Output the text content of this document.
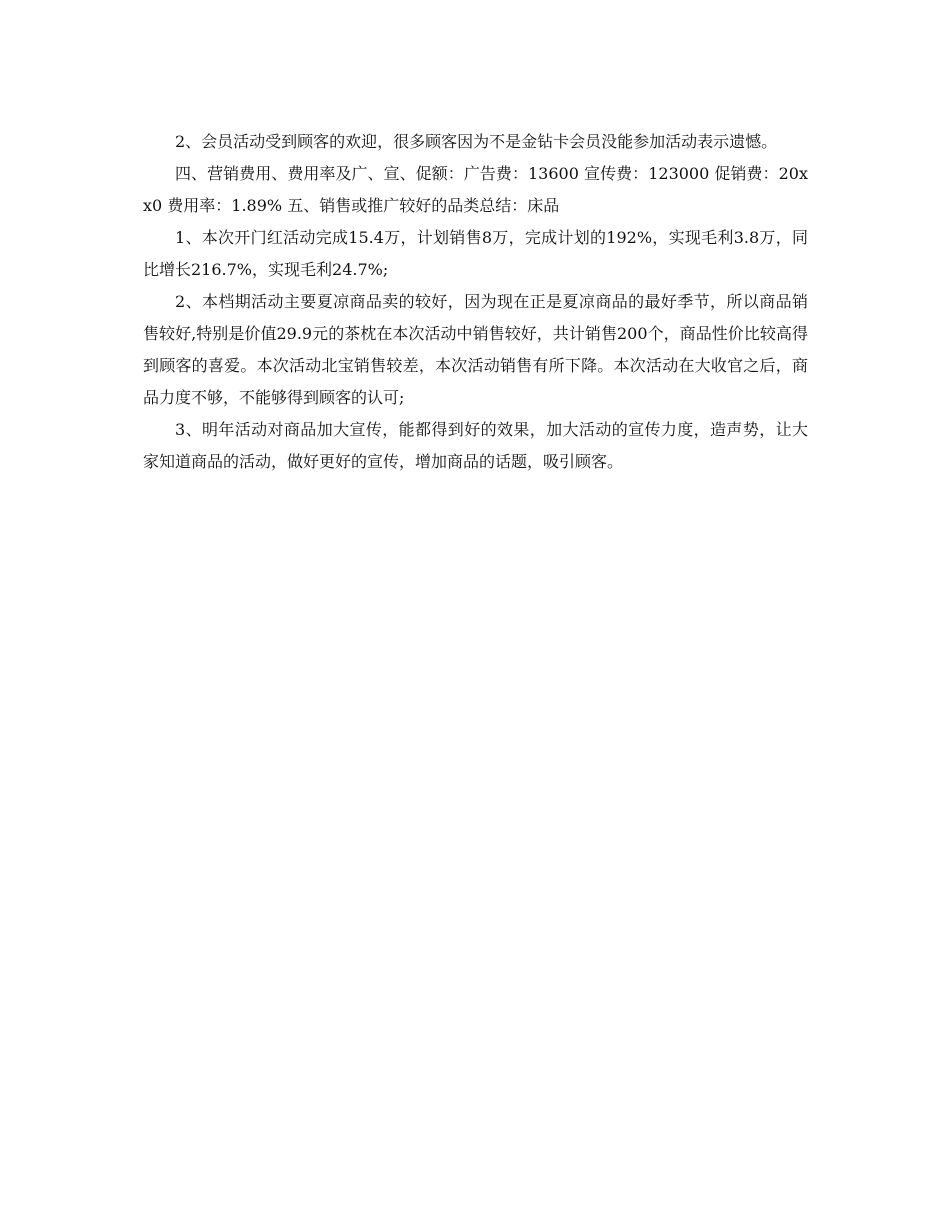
2、会员活动受到顾客的欢迎，很多顾客因为不是金钻卡会员没能参加活动表示遗憾。

四、营销费用、费用率及广、宣、促额：广告费：13600 宣传费：123000 促销费：20xx0 费用率：1.89% 五、销售或推广较好的品类总结：床品

1、本次开门红活动完成15.4万，计划销售8万，完成计划的192%，实现毛利3.8万，同比增长216.7%，实现毛利24.7%;

2、本档期活动主要夏凉商品卖的较好，因为现在正是夏凉商品的最好季节，所以商品销售较好,特别是价值29.9元的茶枕在本次活动中销售较好，共计销售200个，商品性价比较高得到顾客的喜爱。本次活动北宝销售较差，本次活动销售有所下降。本次活动在大收官之后，商品力度不够，不能够得到顾客的认可;

3、明年活动对商品加大宣传，能都得到好的效果，加大活动的宣传力度，造声势，让大家知道商品的活动，做好更好的宣传，增加商品的话题，吸引顾客。
